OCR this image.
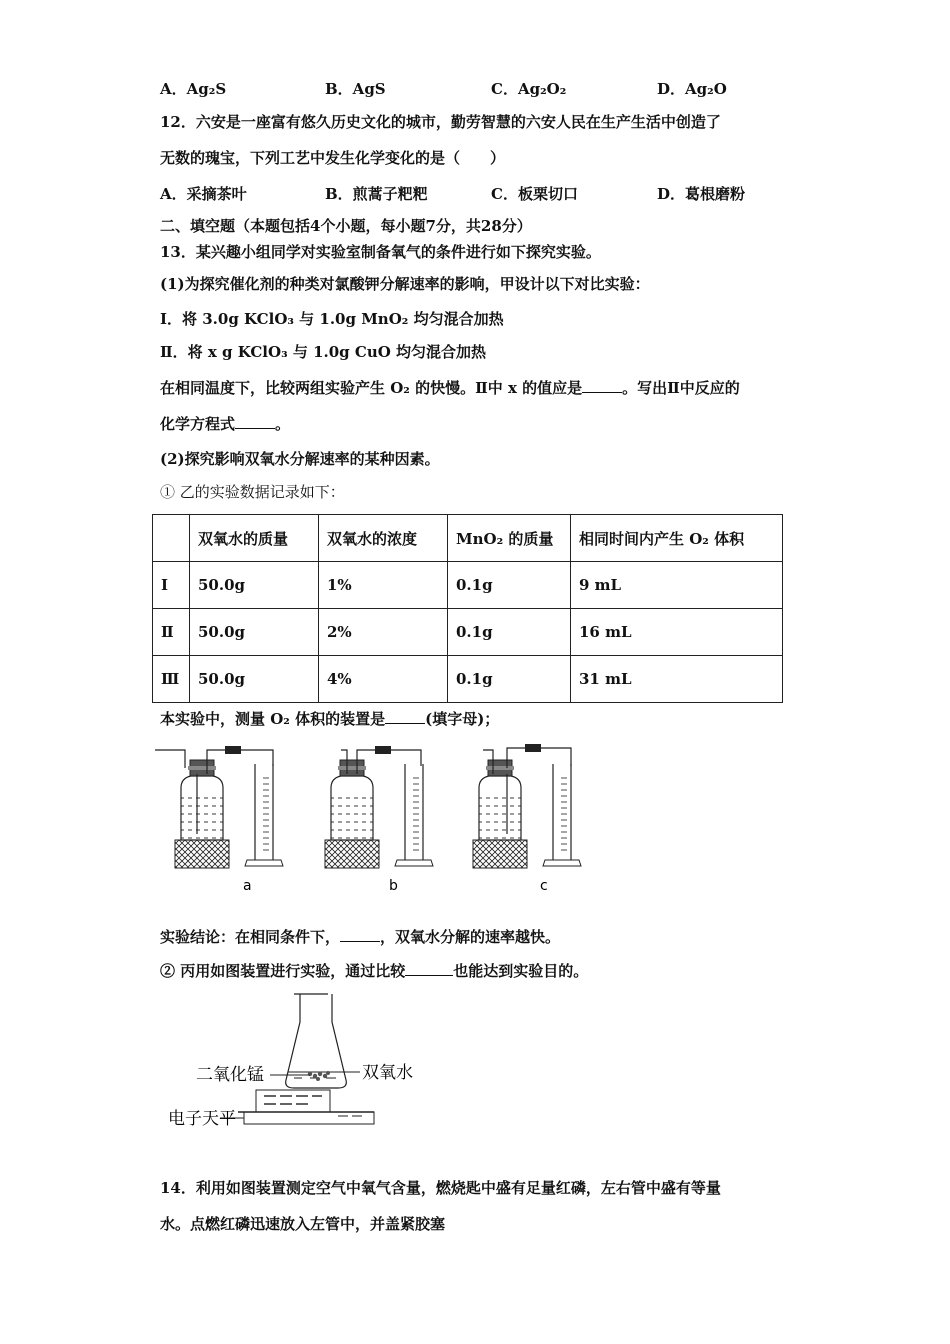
A．Ag₂S	B．AgS	C．Ag₂O₂	D．Ag₂O
12．六安是一座富有悠久历史文化的城市，勤劳智慧的六安人民在生产生活中创造了
无数的瑰宝，下列工艺中发生化学变化的是（　　）
A．采摘茶叶	B．煎蒿子粑粑	C．板栗切口	D．葛根磨粉
二、填空题（本题包括4个小题，每小题7分，共28分）
13．某兴趣小组同学对实验室制备氧气的条件进行如下探究实验。
(1)为探究催化剂的种类对氯酸钾分解速率的影响，甲设计以下对比实验：
Ⅰ．将 3.0g KClO₃ 与 1.0g MnO₂ 均匀混合加热
Ⅱ．将 x g KClO₃ 与 1.0g CuO 均匀混合加热
在相同温度下，比较两组实验产生 O₂ 的快慢。Ⅱ中 x 的值应是	。写出Ⅱ中反应的
化学方程式	。
(2)探究影响双氧水分解速率的某种因素。
① 乙的实验数据记录如下：
	双氧水的质量	双氧水的浓度	MnO₂ 的质量	相同时间内产生 O₂ 体积
Ⅰ	50.0g	1%	0.1g	9 mL
Ⅱ	50.0g	2%	0.1g	16 mL
Ⅲ	50.0g	4%	0.1g	31 mL
本实验中，测量 O₂ 体积的装置是	(填字母)；
a	b	c
实验结论：在相同条件下，	，双氧水分解的速率越快。
② 丙用如图装置进行实验，通过比较	也能达到实验目的。
二氧化锰	双氧水
电子天平
14．利用如图装置测定空气中氧气含量，燃烧匙中盛有足量红磷，左右管中盛有等量
水。点燃红磷迅速放入左管中，并盖紧胶塞
